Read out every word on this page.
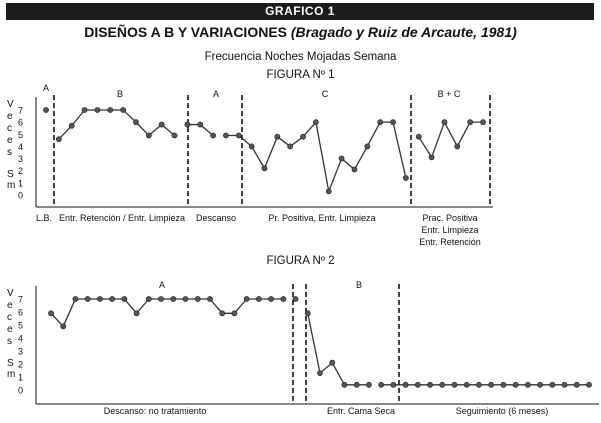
GRAFICO 1
DISEÑOS A B Y VARIACIONES (Bragado y Ruiz de Arcaute, 1981)
Frecuencia Noches Mojadas Semana
FIGURA Nº 1
FIGURA Nº 2
7
6
5
4
3
2
1
0
V
e
c
e
s
S
m
A
B	A	C	B + C
L.B. Entr. Retención / Entr. Limpieza Descanso	Pr. Positiva, Entr. Limpieza	Prac. Positiva
Entr. Limpieza
Entr. Retención
7
6
5
4
3
2
1
0
V
e
c
e
s
S
m
A	B
Descanso: no tratamiento	Entr. Cama Seca	Seguimiento (6 meses)
